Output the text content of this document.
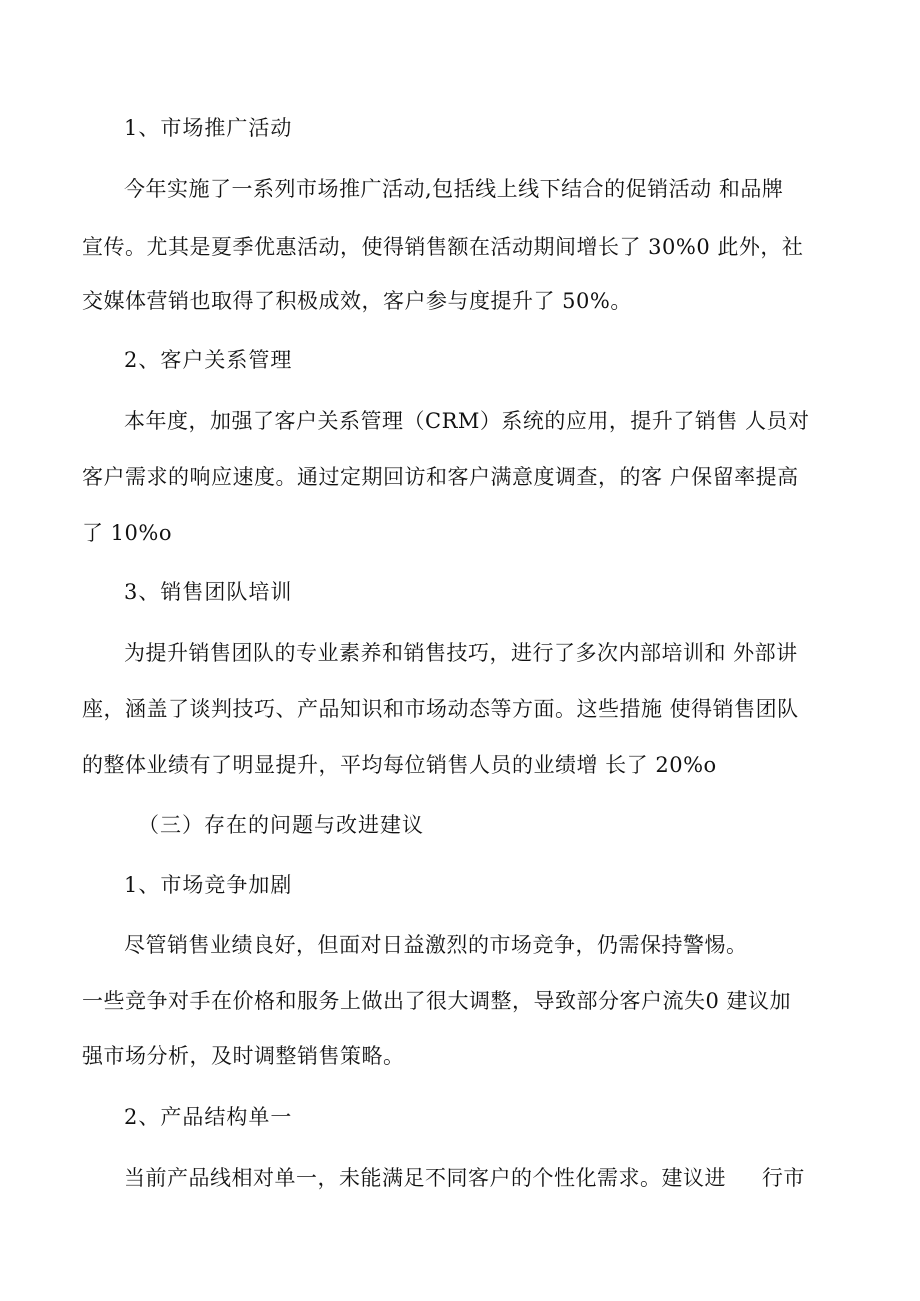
1、市场推广活动
今年实施了一系列市场推广活动,包括线上线下结合的促销活动 和品牌
宣传。尤其是夏季优惠活动，使得销售额在活动期间增长了 30%0 此外，社
交媒体营销也取得了积极成效，客户参与度提升了 50%。
2、客户关系管理
本年度，加强了客户关系管理（CRM）系统的应用，提升了销售 人员对
客户需求的响应速度。通过定期回访和客户满意度调查，的客 户保留率提高
了 10%o
3、销售团队培训
为提升销售团队的专业素养和销售技巧，进行了多次内部培训和 外部讲
座，涵盖了谈判技巧、产品知识和市场动态等方面。这些措施 使得销售团队
的整体业绩有了明显提升，平均每位销售人员的业绩增 长了 20%o
（三）存在的问题与改进建议
1、市场竞争加剧
尽管销售业绩良好，但面对日益激烈的市场竞争，仍需保持警惕。
一些竞争对手在价格和服务上做出了很大调整，导致部分客户流失0 建议加
强市场分析，及时调整销售策略。
2、产品结构单一
当前产品线相对单一，未能满足不同客户的个性化需求。建议进     行市
